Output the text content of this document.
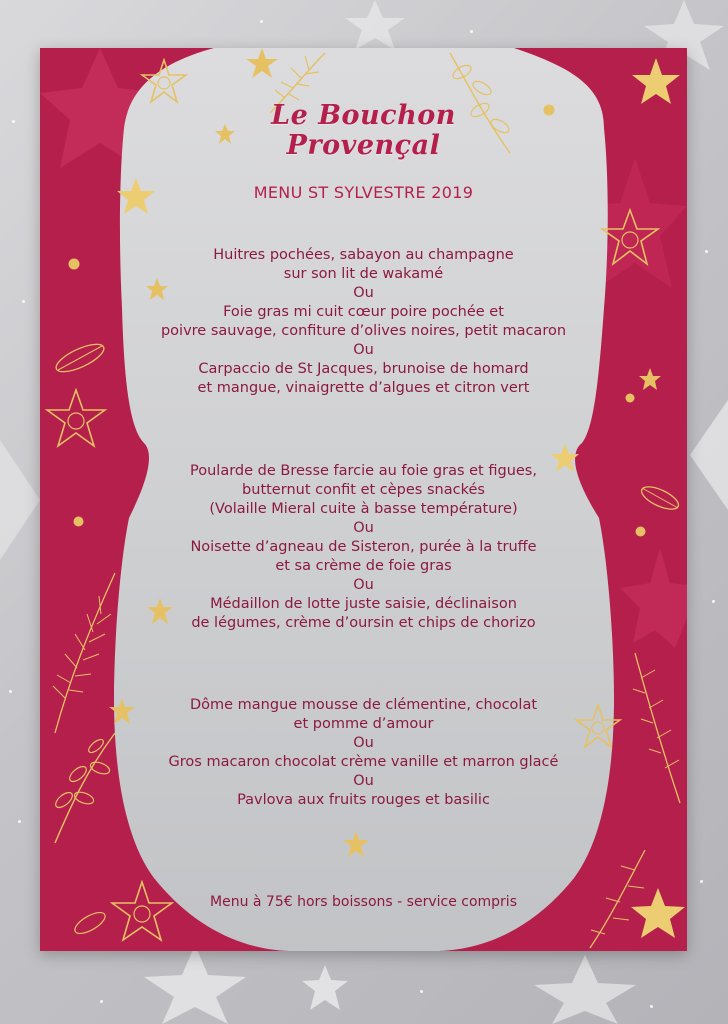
Le Bouchon
Provençal
MENU ST SYLVESTRE 2019
Huitres pochées, sabayon au champagne
sur son lit de wakamé
Ou
Foie gras mi cuit cœur poire pochée et
poivre sauvage, confiture d’olives noires, petit macaron
Ou
Carpaccio de St Jacques, brunoise de homard
et mangue, vinaigrette d’algues et citron vert
Poularde de Bresse farcie au foie gras et figues,
butternut confit et cèpes snackés
(Volaille Mieral cuite à basse température)
Ou
Noisette d’agneau de Sisteron, purée à la truffe
et sa crème de foie gras
Ou
Médaillon de lotte juste saisie, déclinaison
de légumes, crème d’oursin et chips de chorizo
Dôme mangue mousse de clémentine, chocolat
et pomme d’amour
Ou
Gros macaron chocolat crème vanille et marron glacé
Ou
Pavlova aux fruits rouges et basilic
Menu à 75€ hors boissons - service compris
